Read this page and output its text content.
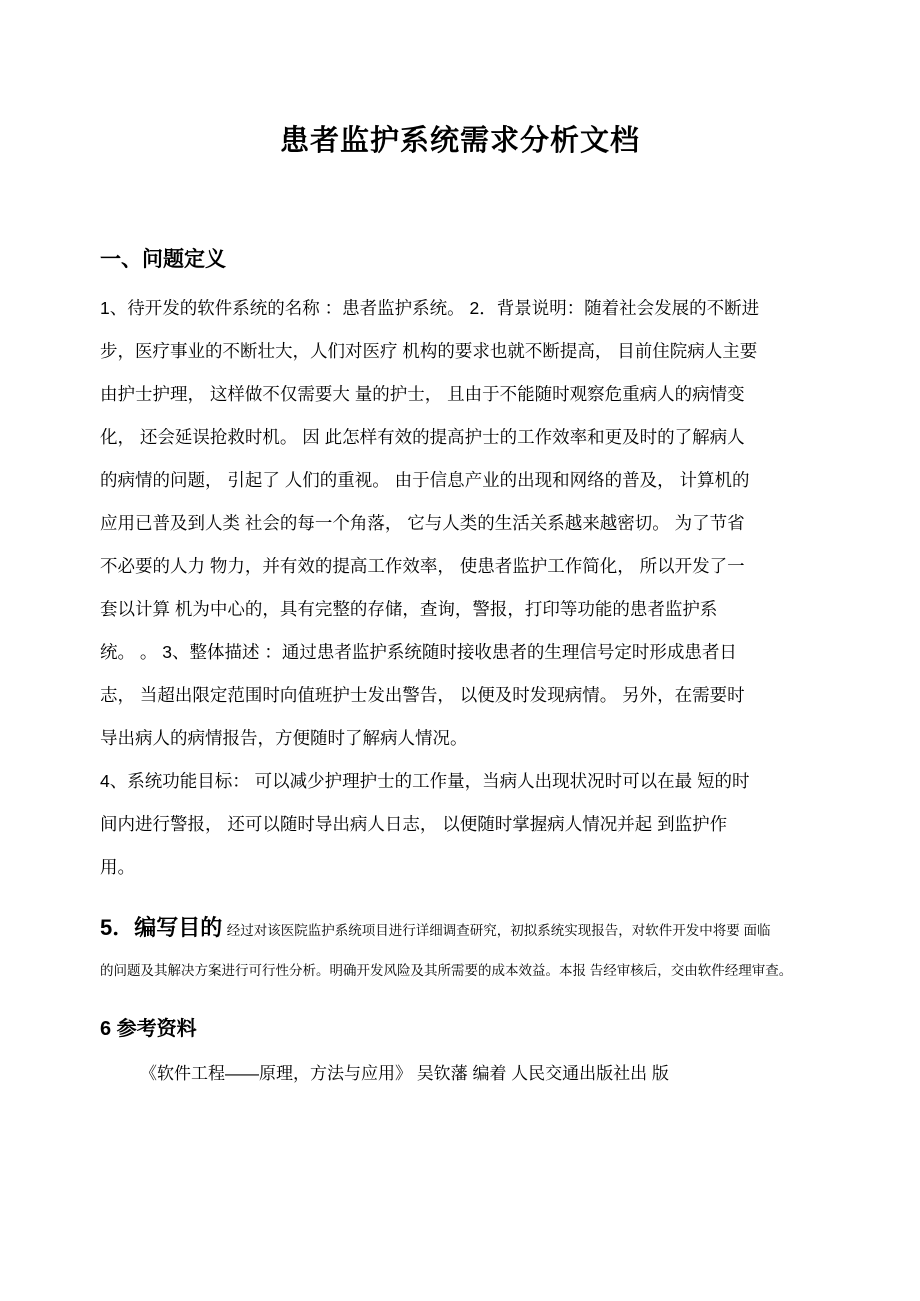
患者监护系统需求分析文档
一、问题定义
1、待开发的软件系统的名称 ：患者监护系统。 2．背景说明：随着社会发展的不断进
步，医疗事业的不断壮大，人们对医疗 机构的要求也就不断提高， 目前住院病人主要
由护士护理， 这样做不仅需要大 量的护士， 且由于不能随时观察危重病人的病情变
化， 还会延误抢救时机。 因 此怎样有效的提高护士的工作效率和更及时的了解病人
的病情的问题， 引起了 人们的重视。 由于信息产业的出现和网络的普及， 计算机的
应用已普及到人类 社会的每一个角落， 它与人类的生活关系越来越密切。 为了节省
不必要的人力 物力，并有效的提高工作效率， 使患者监护工作简化， 所以开发了一
套以计算 机为中心的，具有完整的存储，查询，警报，打印等功能的患者监护系
统。 。 3、整体描述 ：通过患者监护系统随时接收患者的生理信号定时形成患者日
志， 当超出限定范围时向值班护士发出警告， 以便及时发现病情。 另外，在需要时
导出病人的病情报告，方便随时了解病人情况。
4、系统功能目标： 可以减少护理护士的工作量，当病人出现状况时可以在最 短的时
间内进行警报， 还可以随时导出病人日志， 以便随时掌握病人情况并起 到监护作
用。
5．编写目的 经过对该医院监护系统项目进行详细调查研究，初拟系统实现报告，对软件开发中将要 面临
的问题及其解决方案进行可行性分析。明确开发风险及其所需要的成本效益。本报 告经审核后，交由软件经理审查。
6 参考资料
《软件工程——原理，方法与应用》 吴钦藩 编着 人民交通出版社出 版
